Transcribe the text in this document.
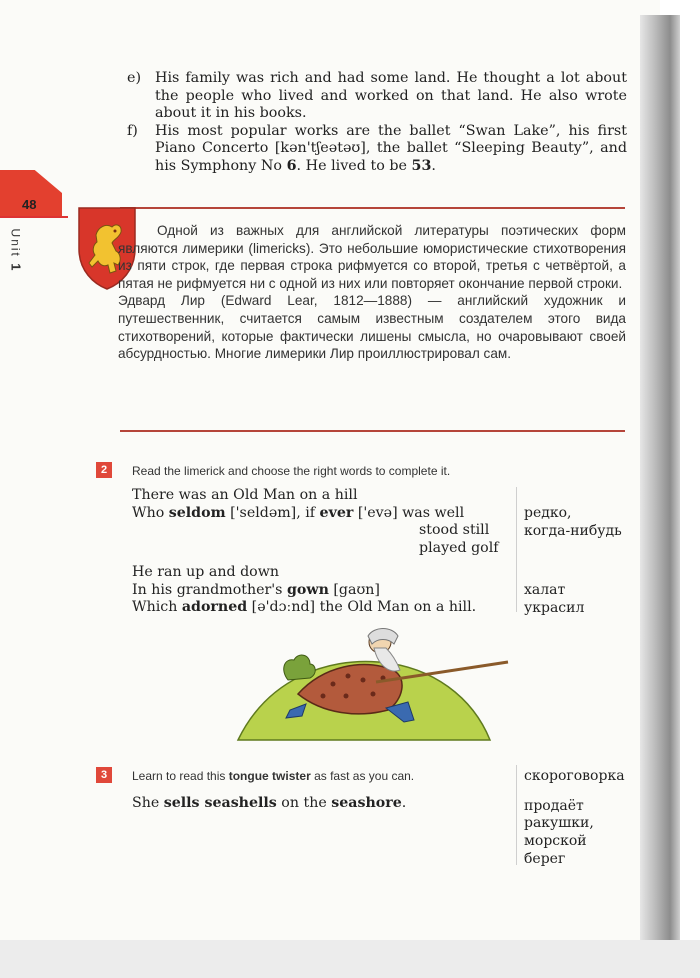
e) His family was rich and had some land. He thought a lot about the people who lived and worked on that land. He also wrote about it in his books.
f) His most popular works are the ballet “Swan Lake”, his first Piano Concerto [kən'tʃeətəʊ], the ballet “Sleeping Beauty”, and his Symphony No 6. He lived to be 53.
48
Unit 1

Одной из важных для английской литературы поэтических форм являются лимерики (limericks). Это небольшие юмористические стихотворения из пяти строк, где первая строка рифмуется со второй, третья с четвёртой, а пятая не рифмуется ни с одной из них или повторяет окончание первой строки.

Эдвард Лир (Edward Lear, 1812—1888) — английский художник и путешественник, считается самым известным создателем этого вида стихотворений, которые фактически лишены смысла, но очаровывают своей абсурдностью. Многие лимерики Лир проиллюстрировал сам.

2	Read the limerick and choose the right words to complete it.
There was an Old Man on a hill
Who seldom ['seldəm], if ever ['evə] was well
stood still
played golf
He ran up and down
In his grandmother's gown [gaʊn]
Which adorned [ə'dɔːnd] the Old Man on a hill.
редко,
когда-нибудь
халат
украсил
3	Learn to read this tongue twister as fast as you can.
She sells seashells on the seashore.
скороговорка
продаёт
ракушки,
морской
берег
